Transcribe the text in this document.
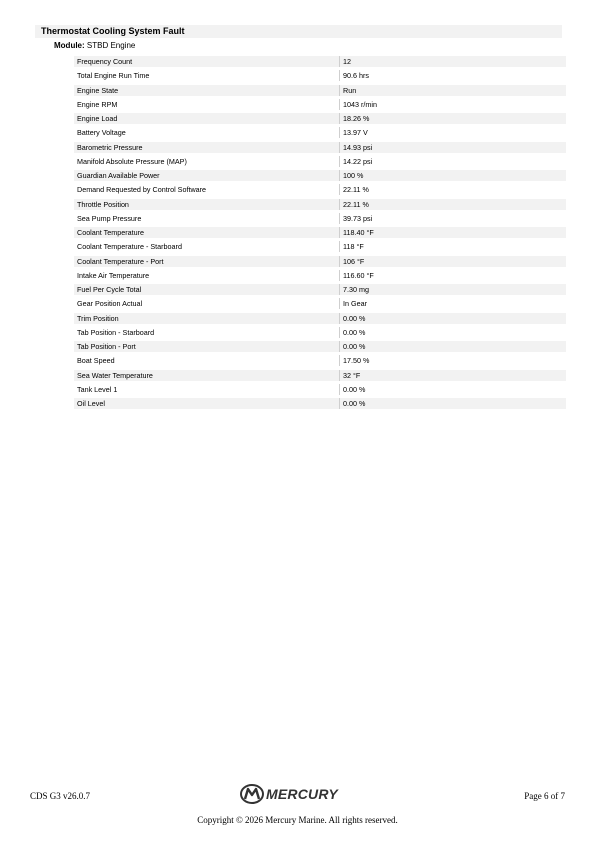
Thermostat Cooling System Fault
Module: STBD Engine
Frequency Count	12
Total Engine Run Time	90.6 hrs
Engine State	Run
Engine RPM	1043 r/min
Engine Load	18.26 %
Battery Voltage	13.97 V
Barometric Pressure	14.93 psi
Manifold Absolute Pressure (MAP)	14.22 psi
Guardian Available Power	100 %
Demand Requested by Control Software	22.11 %
Throttle Position	22.11 %
Sea Pump Pressure	39.73 psi
Coolant Temperature	118.40 °F
Coolant Temperature - Starboard	118 °F
Coolant Temperature - Port	106 °F
Intake Air Temperature	116.60 °F
Fuel Per Cycle Total	7.30 mg
Gear Position Actual	In Gear
Trim Position	0.00 %
Tab Position - Starboard	0.00 %
Tab Position - Port	0.00 %
Boat Speed	17.50 %
Sea Water Temperature	32 °F
Tank Level 1	0.00 %
Oil Level	0.00 %
CDS G3 v26.0.7	MERCURY	Page 6 of 7
Copyright © 2026 Mercury Marine. All rights reserved.
